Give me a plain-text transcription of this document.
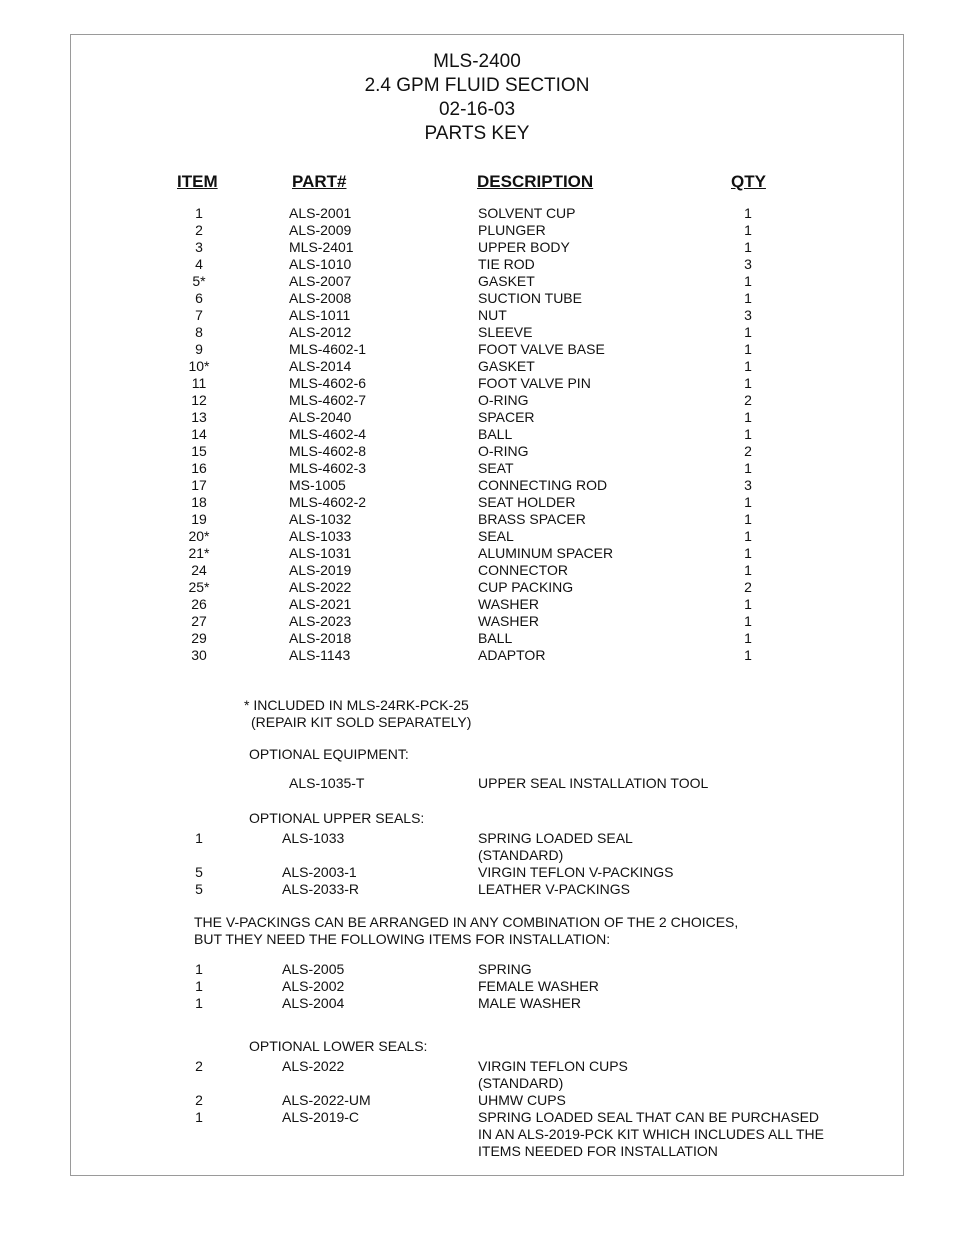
MLS-2400
2.4 GPM FLUID SECTION
02-16-03
PARTS KEY
ITEM	PART#	DESCRIPTION	QTY
1	ALS-2001	SOLVENT CUP	1
2	ALS-2009	PLUNGER	1
3	MLS-2401	UPPER BODY	1
4	ALS-1010	TIE ROD	3
5*	ALS-2007	GASKET	1
6	ALS-2008	SUCTION TUBE	1
7	ALS-1011	NUT	3
8	ALS-2012	SLEEVE	1
9	MLS-4602-1	FOOT VALVE BASE	1
10*	ALS-2014	GASKET	1
11	MLS-4602-6	FOOT VALVE PIN	1
12	MLS-4602-7	O-RING	2
13	ALS-2040	SPACER	1
14	MLS-4602-4	BALL	1
15	MLS-4602-8	O-RING	2
16	MLS-4602-3	SEAT	1
17	MS-1005	CONNECTING ROD	3
18	MLS-4602-2	SEAT HOLDER	1
19	ALS-1032	BRASS SPACER	1
20*	ALS-1033	SEAL	1
21*	ALS-1031	ALUMINUM SPACER	1
24	ALS-2019	CONNECTOR	1
25*	ALS-2022	CUP PACKING	2
26	ALS-2021	WASHER	1
27	ALS-2023	WASHER	1
29	ALS-2018	BALL	1
30	ALS-1143	ADAPTOR	1
* INCLUDED IN MLS-24RK-PCK-25
(REPAIR KIT SOLD SEPARATELY)
OPTIONAL EQUIPMENT:
ALS-1035-T	UPPER SEAL INSTALLATION TOOL
OPTIONAL UPPER SEALS:
1	ALS-1033	SPRING LOADED SEAL
(STANDARD)
5	ALS-2003-1	VIRGIN TEFLON V-PACKINGS
5	ALS-2033-R	LEATHER V-PACKINGS
THE V-PACKINGS CAN BE ARRANGED IN ANY COMBINATION OF THE 2 CHOICES,
BUT THEY NEED THE FOLLOWING ITEMS FOR INSTALLATION:
1	ALS-2005	SPRING
1	ALS-2002	FEMALE WASHER
1	ALS-2004	MALE WASHER
OPTIONAL LOWER SEALS:
2	ALS-2022	VIRGIN TEFLON CUPS
(STANDARD)
2	ALS-2022-UM	UHMW CUPS
1	ALS-2019-C	SPRING LOADED SEAL THAT CAN BE PURCHASED
IN AN ALS-2019-PCK KIT WHICH INCLUDES ALL THE
ITEMS NEEDED FOR INSTALLATION
